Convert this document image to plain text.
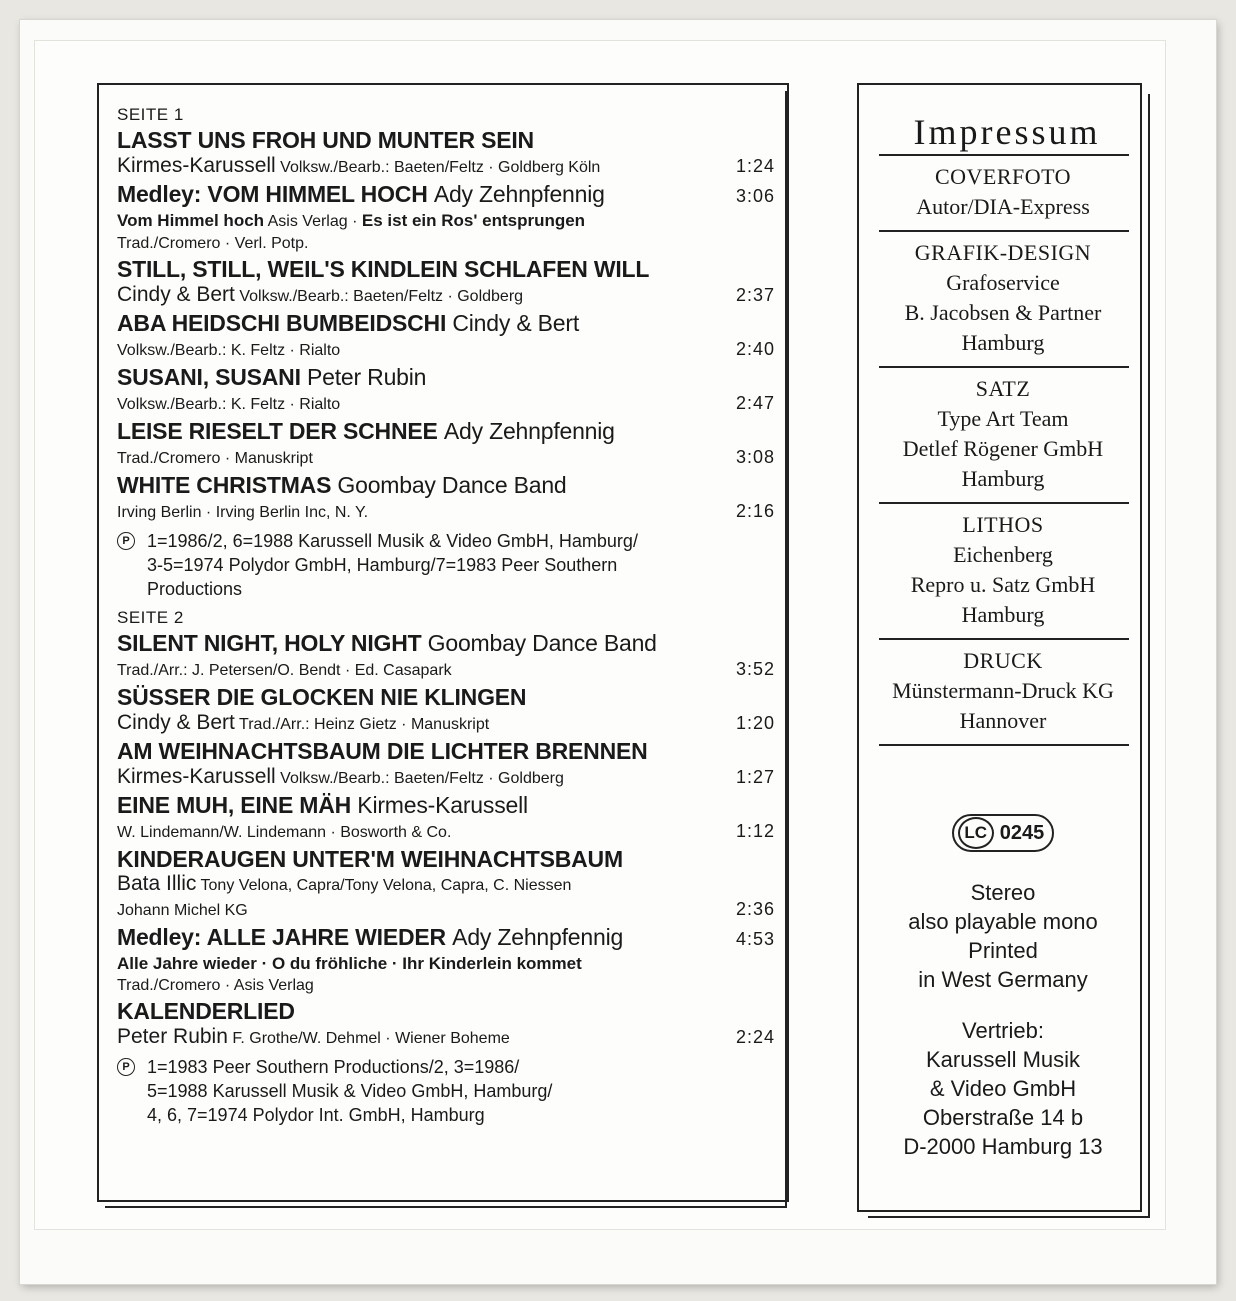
SEITE 1

LASST UNS FROH UND MUNTER SEIN
Kirmes-Karussell Volksw./Bearb.: Baeten/Feltz · Goldberg Köln	1:24
Medley: VOM HIMMEL HOCH Ady Zehnpfennig	3:06
Vom Himmel hoch Asis Verlag · Es ist ein Ros' entsprungen
Trad./Cromero · Verl. Potp.
STILL, STILL, WEIL'S KINDLEIN SCHLAFEN WILL
Cindy & Bert Volksw./Bearb.: Baeten/Feltz · Goldberg	2:37
ABA HEIDSCHI BUMBEIDSCHI Cindy & Bert
Volksw./Bearb.: K. Feltz · Rialto	2:40
SUSANI, SUSANI Peter Rubin
Volksw./Bearb.: K. Feltz · Rialto	2:47
LEISE RIESELT DER SCHNEE Ady Zehnpfennig
Trad./Cromero · Manuskript	3:08
WHITE CHRISTMAS Goombay Dance Band
Irving Berlin · Irving Berlin Inc, N. Y.	2:16
P 1=1986/2, 6=1988 Karussell Musik & Video GmbH, Hamburg/
3-5=1974 Polydor GmbH, Hamburg/7=1983 Peer Southern
Productions

SEITE 2

SILENT NIGHT, HOLY NIGHT Goombay Dance Band
Trad./Arr.: J. Petersen/O. Bendt · Ed. Casapark	3:52
SÜSSER DIE GLOCKEN NIE KLINGEN
Cindy & Bert Trad./Arr.: Heinz Gietz · Manuskript	1:20
AM WEIHNACHTSBAUM DIE LICHTER BRENNEN
Kirmes-Karussell Volksw./Bearb.: Baeten/Feltz · Goldberg	1:27
EINE MUH, EINE MÄH Kirmes-Karussell
W. Lindemann/W. Lindemann · Bosworth & Co.	1:12
KINDERAUGEN UNTER'M WEIHNACHTSBAUM
Bata Illic Tony Velona, Capra/Tony Velona, Capra, C. Niessen
Johann Michel KG	2:36
Medley: ALLE JAHRE WIEDER Ady Zehnpfennig	4:53
Alle Jahre wieder · O du fröhliche · Ihr Kinderlein kommet
Trad./Cromero · Asis Verlag
KALENDERLIED
Peter Rubin F. Grothe/W. Dehmel · Wiener Boheme	2:24
P 1=1983 Peer Southern Productions/2, 3=1986/
5=1988 Karussell Musik & Video GmbH, Hamburg/
4, 6, 7=1974 Polydor Int. GmbH, Hamburg
Impressum
COVERFOTO
Autor/DIA-Express
GRAFIK-DESIGN
Grafoservice
B. Jacobsen & Partner
Hamburg
SATZ
Type Art Team
Detlef Rögener GmbH
Hamburg
LITHOS
Eichenberg
Repro u. Satz GmbH
Hamburg
DRUCK
Münstermann-Druck KG
Hannover
LC 0245
Stereo
also playable mono
Printed
in West Germany
Vertrieb:
Karussell Musik
& Video GmbH
Oberstraße 14 b
D-2000 Hamburg 13
